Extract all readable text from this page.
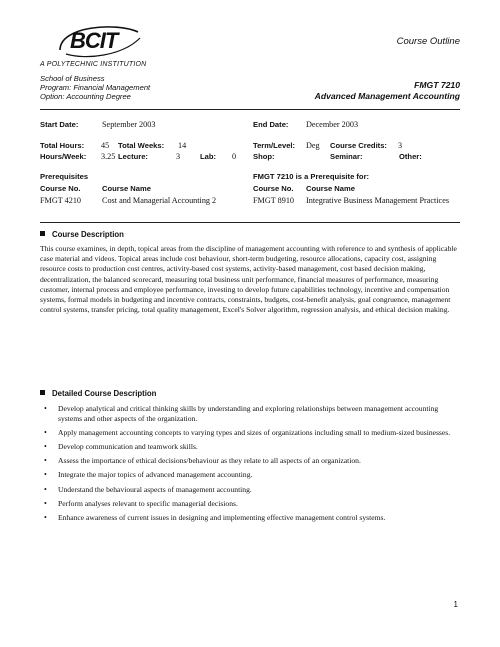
BCIT
A POLYTECHNIC INSTITUTION
Course Outline
School of Business
Program: Financial Management
Option: Accounting Degree
FMGT 7210
Advanced Management Accounting
Start Date:	September 2003	End Date: December 2003
Total Hours: 45 Total Weeks: 14	Term/Level: Deg Course Credits: 3
Hours/Week: 3.25 Lecture:	3	Lab: 0 Shop:	Seminar:	Other:
Prerequisites	FMGT 7210 is a Prerequisite for:
Course No.	Course Name	Course No. Course Name
FMGT 4210	Cost and Managerial Accounting 2	FMGT 8910 Integrative Business Management Practices
Course Description
This course examines, in depth, topical areas from the discipline of management accounting with reference to and synthesis of applicable case material and videos. Topical areas include cost behaviour, short-term budgeting, resource allocations, capacity cost, assigning resource costs to production cost centres, activity-based cost systems, activity-based management, cost based decision making, decentralization, the balanced scorecard, measuring total business unit performance, financial measures of performance, measuring customer, internal process and employee performance, investing to develop future capabilities technology, incentive and compensation systems, formal models in budgeting and incentive contracts, constraints, budgets, cost-benefit analysis, goal congruence, management control systems, transfer pricing, total quality management, Excel's Solver algorithm, regression analysis, and ethical decision making.
Detailed Course Description
• Develop analytical and critical thinking skills by understanding and exploring relationships between management accounting systems and other aspects of the organization.
• Apply management accounting concepts to varying types and sizes of organizations including small to medium-sized businesses.
• Develop communication and teamwork skills.
• Assess the importance of ethical decisions/behaviour as they relate to all aspects of an organization.
• Integrate the major topics of advanced management accounting.
• Understand the behavioural aspects of management accounting.
• Perform analyses relevant to specific managerial decisions.
• Enhance awareness of current issues in designing and implementing effective management control systems.
1
